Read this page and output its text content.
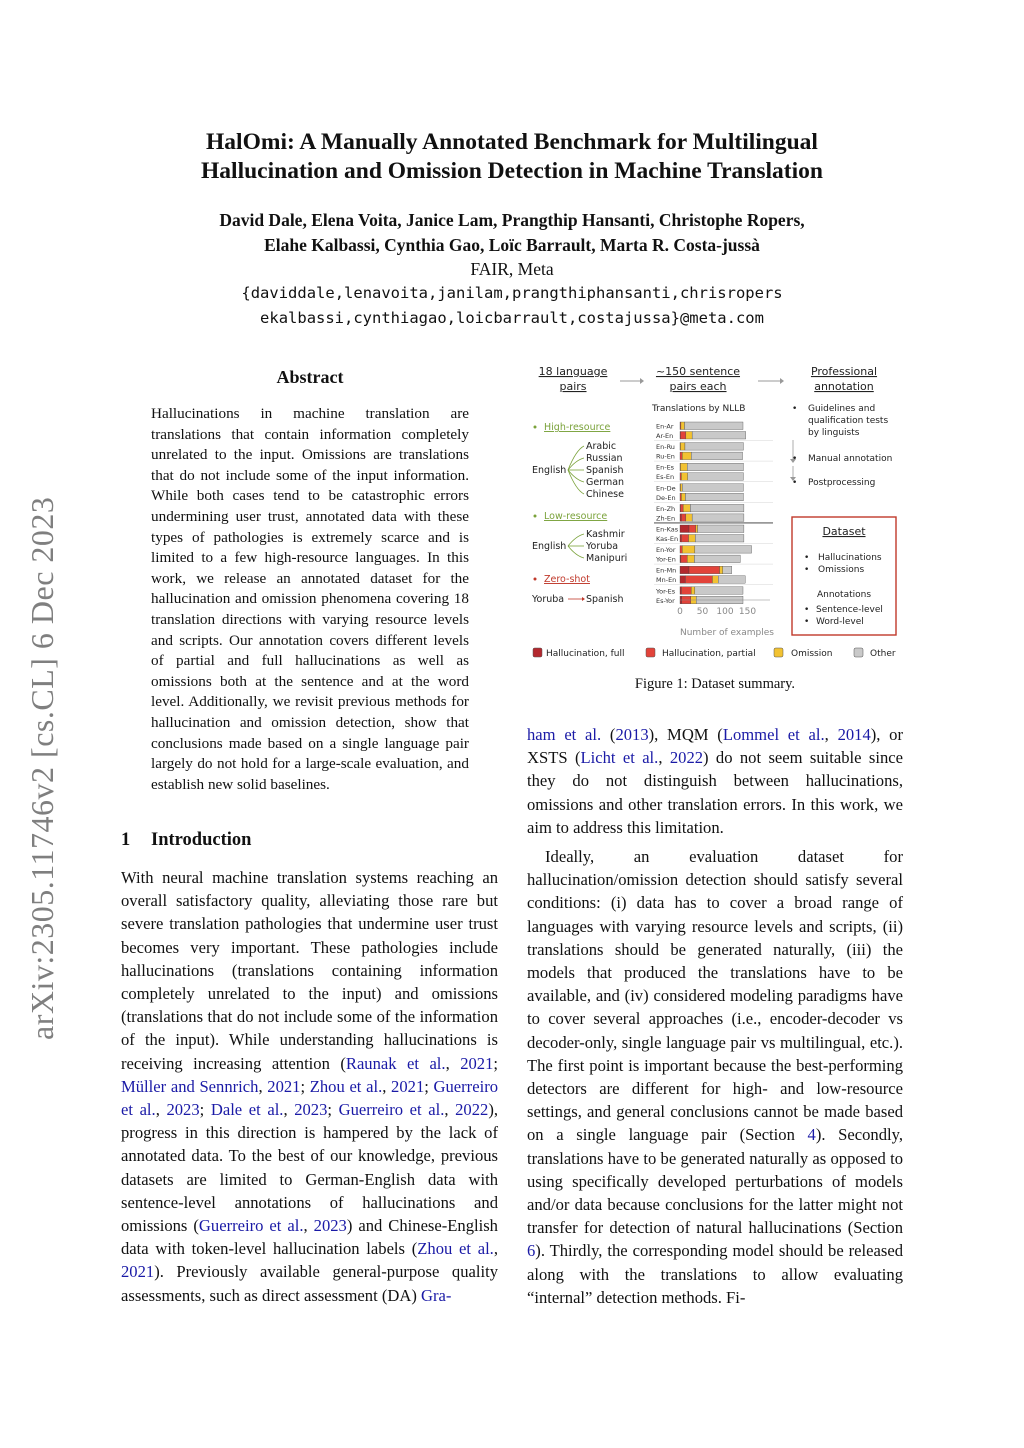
HalOmi: A Manually Annotated Benchmark for Multilingual
Hallucination and Omission Detection in Machine Translation
David Dale, Elena Voita, Janice Lam, Prangthip Hansanti, Christophe Ropers,
Elahe Kalbassi, Cynthia Gao, Loïc Barrault, Marta R. Costa-jussà
FAIR, Meta
{daviddale,lenavoita,janilam,prangthiphansanti,chrisropers
ekalbassi,cynthiagao,loicbarrault,costajussa}@meta.com
arXiv:2305.11746v2 [cs.CL] 6 Dec 2023
Abstract
Hallucinations in machine translation are translations that contain information completely unrelated to the input. Omissions are translations that do not include some of the input information. While both cases tend to be catastrophic errors undermining user trust, annotated data with these types of pathologies is extremely scarce and is limited to a few high-resource languages. In this work, we release an annotated dataset for the hallucination and omission phenomena covering 18 translation directions with varying resource levels and scripts. Our annotation covers different levels of partial and full hallucinations as well as omissions both at the sentence and at the word level. Additionally, we revisit previous methods for hallucination and omission detection, show that conclusions made based on a single language pair largely do not hold for a large-scale evaluation, and establish new solid baselines.
1 Introduction

With neural machine translation systems reaching an overall satisfactory quality, alleviating those rare but severe translation pathologies that undermine user trust becomes very important. These pathologies include hallucinations (translations containing information completely unrelated to the input) and omissions (translations that do not include some of the information of the input). While understanding hallucinations is receiving increasing attention (Raunak et al., 2021; Müller and Sennrich, 2021; Zhou et al., 2021; Guerreiro et al., 2023; Dale et al., 2023; Guerreiro et al., 2022), progress in this direction is hampered by the lack of annotated data. To the best of our knowledge, previous datasets are limited to German-English data with sentence-level annotations of hallucinations and omissions (Guerreiro et al., 2023) and Chinese-English data with token-level hallucination labels (Zhou et al., 2021). Previously available general-purpose quality assessments, such as direct assessment (DA) Gra-

ham et al. (2013), MQM (Lommel et al., 2014), or XSTS (Licht et al., 2022) do not seem suitable since they do not distinguish between hallucinations, omissions and other translation errors. In this work, we aim to address this limitation.

Ideally, an evaluation dataset for hallucination/omission detection should satisfy several conditions: (i) data has to cover a broad range of languages with varying resource levels and scripts, (ii) translations should be generated naturally, (iii) the models that produced the translations have to be available, and (iv) considered modeling paradigms have to cover several approaches (i.e., encoder-decoder vs decoder-only, single language pair vs multilingual, etc.). The first point is important because the best-performing detectors are different for high- and low-resource settings, and general conclusions cannot be made based on a single language pair (Section 4). Secondly, translations have to be generated naturally as opposed to using specifically developed perturbations of models and/or data because conclusions for the latter might not transfer for detection of natural hallucinations (Section 6). Thirdly, the corresponding model should be released along with the translations to allow evaluating “internal” detection methods. Fi-

18 language
pairs
~150 sentence
pairs each
Professional
annotation
Translations by NLLB
High-resource
English
Arabic
Russian
Spanish
German
Chinese
Low-resource
English
Kashmir
Yoruba
Manipuri
Zero-shot
Yoruba Spanish
En-Ar
Ar-En
En-Ru
Ru-En
En-Es
Es-En
En-De
De-En
En-Zh
Zh-En
En-Kas
Kas-En
En-Yor
Yor-En
En-Mn
Mn-En
Yor-Es
Es-Yor
0 50 100 150
Number of examples
• Guidelines and
qualification tests
by linguists
• Manual annotation
• Postprocessing
Dataset
• Hallucinations
• Omissions
Annotations
• Sentence-level
• Word-level
Hallucination, full	Hallucination, partial	Omission	Other
Figure 1: Dataset summary.
